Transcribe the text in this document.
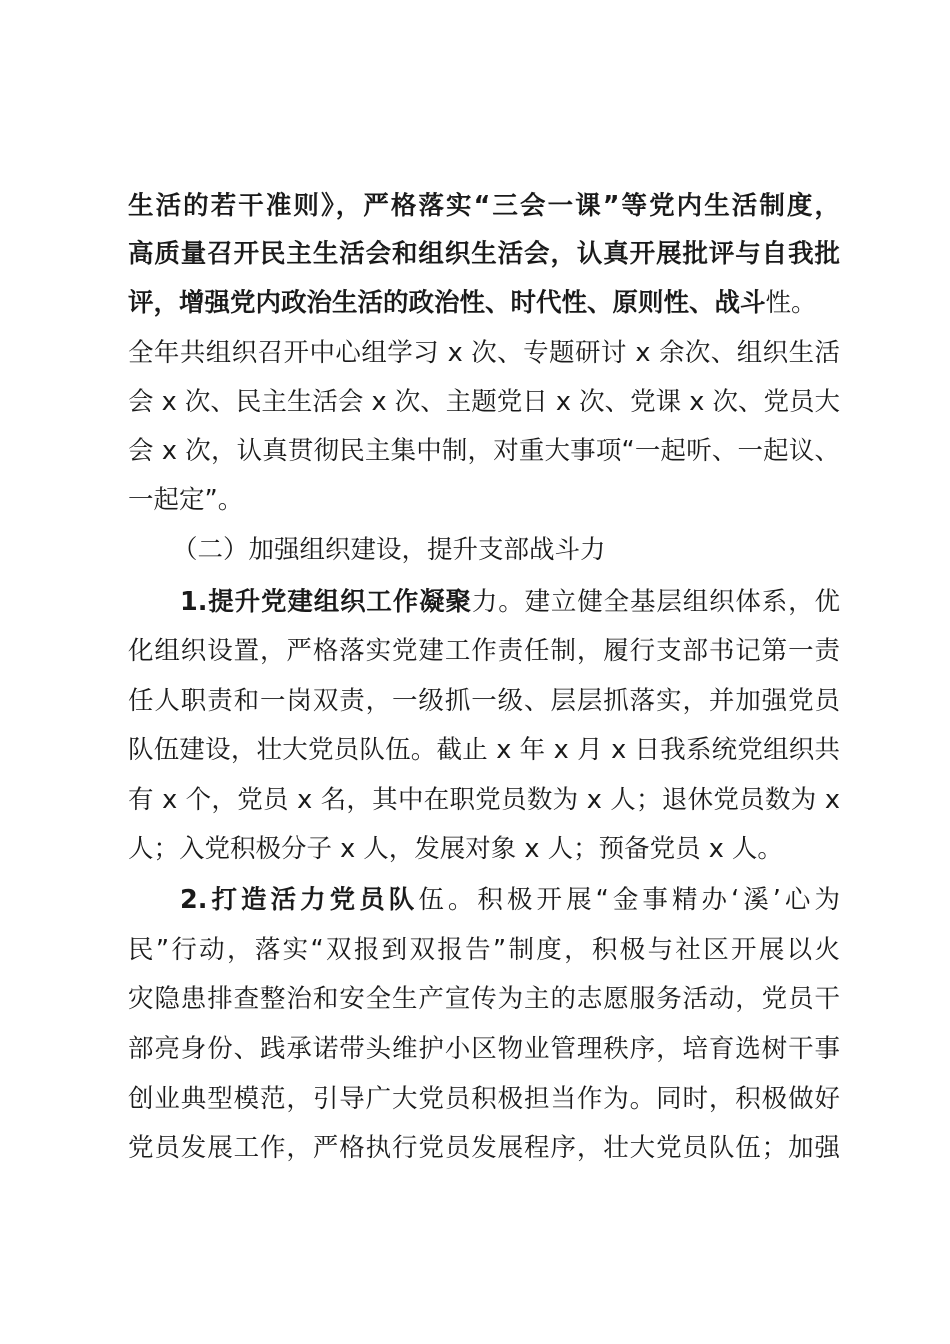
生活的若干准则》，严格落实“三会一课”等党内生活制度，
高质量召开民主生活会和组织生活会，认真开展批评与自我批
评，增强党内政治生活的政治性、时代性、原则性、战斗性。
全年共组织召开中心组学习 x 次、专题研讨 x 余次、组织生活
会 x 次、民主生活会 x 次、主题党日 x 次、党课 x 次、党员大
会 x 次，认真贯彻民主集中制，对重大事项“一起听、一起议、
一起定”。
（二）加强组织建设，提升支部战斗力
1.提升党建组织工作凝聚力。建立健全基层组织体系，优
化组织设置，严格落实党建工作责任制，履行支部书记第一责
任人职责和一岗双责，一级抓一级、层层抓落实，并加强党员
队伍建设，壮大党员队伍。截止 x 年 x 月 x 日我系统党组织共
有 x 个，党员 x 名，其中在职党员数为 x 人；退休党员数为 x
人；入党积极分子 x 人，发展对象 x 人；预备党员 x 人。
2.打造活力党员队伍。积极开展“金事精办‘溪’心为
民”行动，落实“双报到双报告”制度，积极与社区开展以火
灾隐患排查整治和安全生产宣传为主的志愿服务活动，党员干
部亮身份、践承诺带头维护小区物业管理秩序，培育选树干事
创业典型模范，引导广大党员积极担当作为。同时，积极做好
党员发展工作，严格执行党员发展程序，壮大党员队伍；加强
